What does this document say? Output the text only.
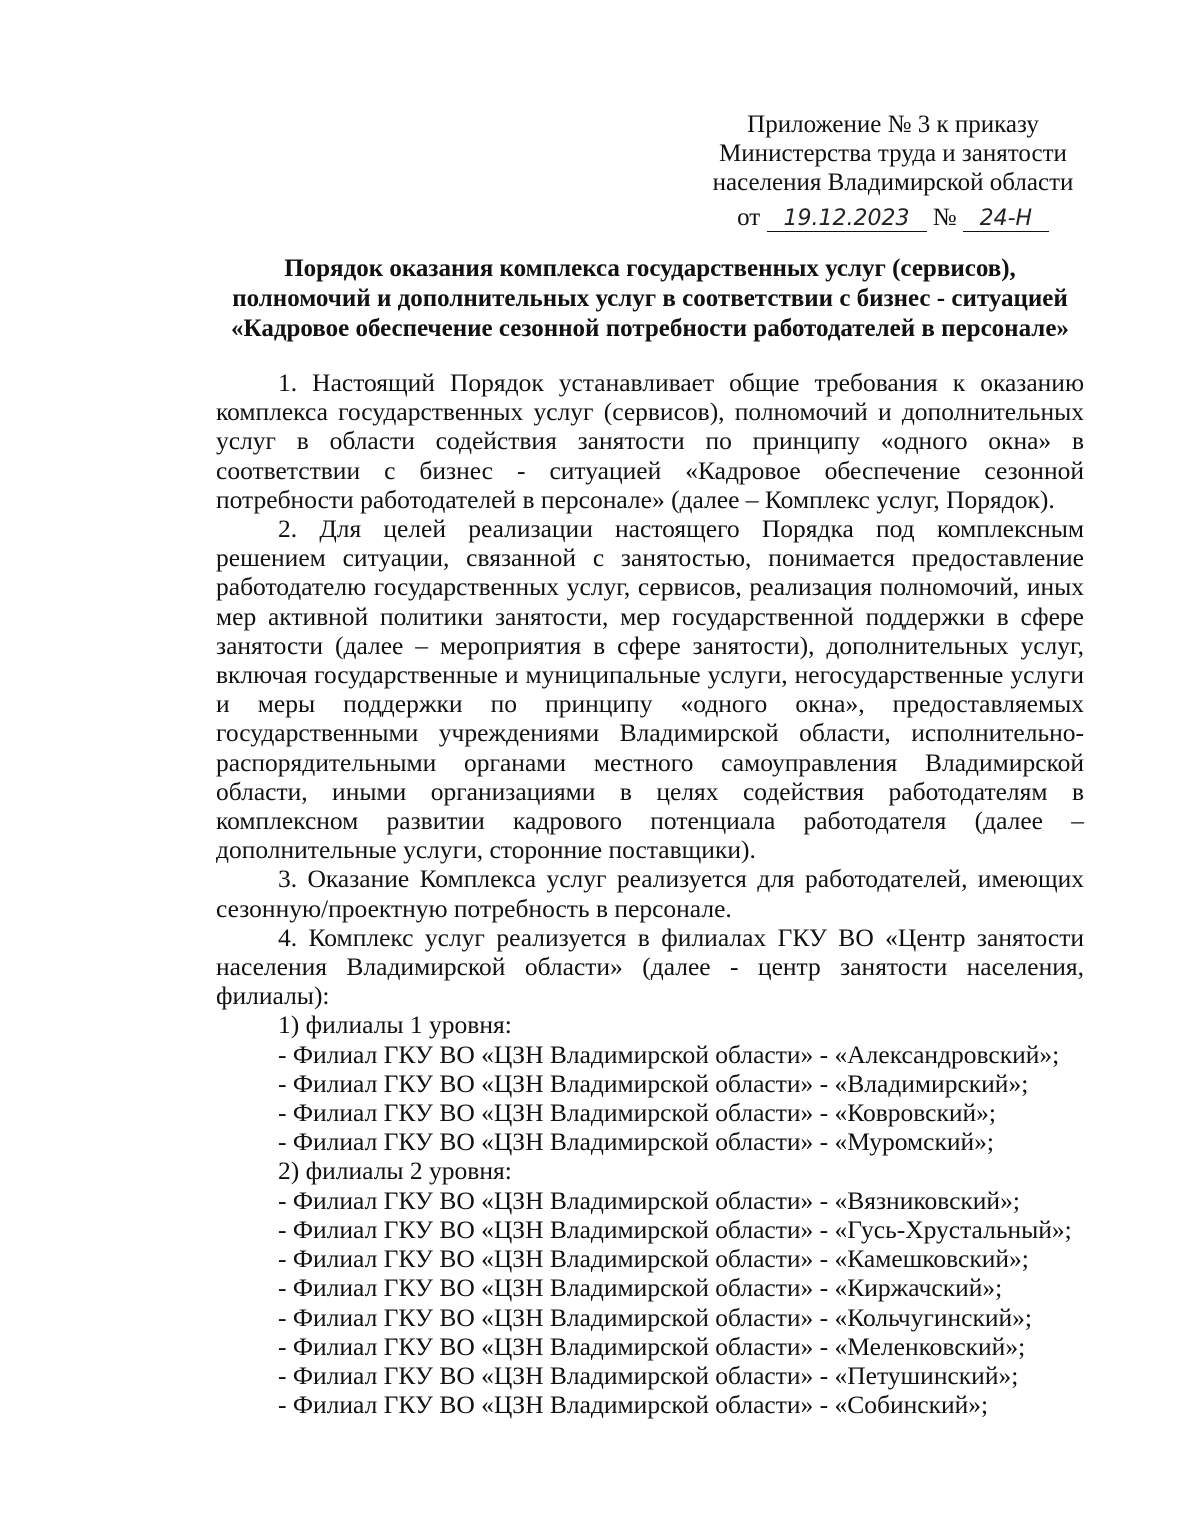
Приложение № 3 к приказу
Министерства труда и занятости
населения Владимирской области
от 19.12.2023 № 24-H
Порядок оказания комплекса государственных услуг (сервисов),
полномочий и дополнительных услуг в соответствии с бизнес - ситуацией
«Кадровое обеспечение сезонной потребности работодателей в персонале»

1. Настоящий Порядок устанавливает общие требования к оказанию комплекса государственных услуг (сервисов), полномочий и дополнительных услуг в области содействия занятости по принципу «одного окна» в соответствии с бизнес - ситуацией «Кадровое обеспечение сезонной потребности работодателей в персонале» (далее – Комплекс услуг, Порядок).

2. Для целей реализации настоящего Порядка под комплексным решением ситуации, связанной с занятостью, понимается предоставление работодателю государственных услуг, сервисов, реализация полномочий, иных мер активной политики занятости, мер государственной поддержки в сфере занятости (далее – мероприятия в сфере занятости), дополнительных услуг, включая государственные и муниципальные услуги, негосударственные услуги и меры поддержки по принципу «одного окна», предоставляемых государственными учреждениями Владимирской области, исполнительно-распорядительными органами местного самоуправления Владимирской области, иными организациями в целях содействия работодателям в комплексном развитии кадрового потенциала работодателя (далее – дополнительные услуги, сторонние поставщики).

3. Оказание Комплекса услуг реализуется для работодателей, имеющих сезонную/проектную потребность в персонале.

4. Комплекс услуг реализуется в филиалах ГКУ ВО «Центр занятости населения Владимирской области» (далее - центр занятости населения, филиалы):

1) филиалы 1 уровня:

- Филиал ГКУ ВО «ЦЗН Владимирской области» - «Александровский»;

- Филиал ГКУ ВО «ЦЗН Владимирской области» - «Владимирский»;

- Филиал ГКУ ВО «ЦЗН Владимирской области» - «Ковровский»;

- Филиал ГКУ ВО «ЦЗН Владимирской области» - «Муромский»;

2) филиалы 2 уровня:

- Филиал ГКУ ВО «ЦЗН Владимирской области» - «Вязниковский»;

- Филиал ГКУ ВО «ЦЗН Владимирской области» - «Гусь-Хрустальный»;

- Филиал ГКУ ВО «ЦЗН Владимирской области» - «Камешковский»;

- Филиал ГКУ ВО «ЦЗН Владимирской области» - «Киржачский»;

- Филиал ГКУ ВО «ЦЗН Владимирской области» - «Кольчугинский»;

- Филиал ГКУ ВО «ЦЗН Владимирской области» - «Меленковский»;

- Филиал ГКУ ВО «ЦЗН Владимирской области» - «Петушинский»;

- Филиал ГКУ ВО «ЦЗН Владимирской области» - «Собинский»;
